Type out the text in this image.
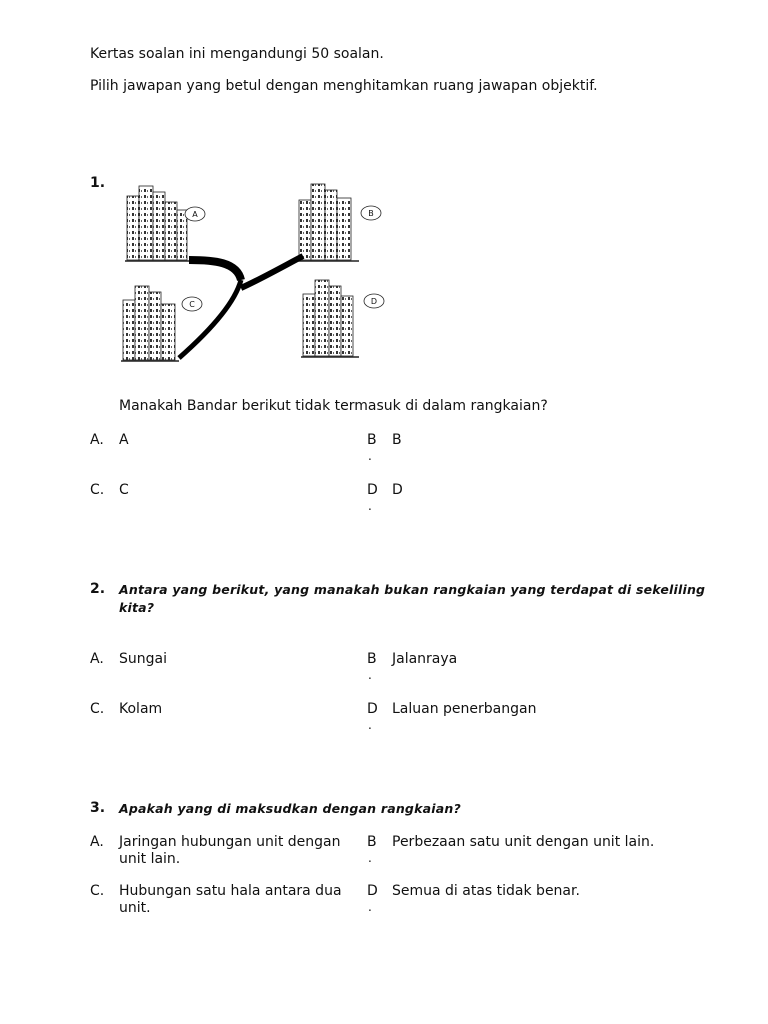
Kertas soalan ini mengandungi 50 soalan.
Pilih jawapan yang betul dengan menghitamkan ruang jawapan objektif.
1.
A	B
C	D
Manakah Bandar berikut tidak termasuk di dalam rangkaian?
A. A	B
.
B
C. C	D
.
D
2. Antara yang berikut, yang manakah bukan rangkaian yang terdapat di sekeliling
kita?
A. Sungai	B
.
Jalanraya
C. Kolam	D
.
Laluan penerbangan
3. Apakah yang di maksudkan dengan rangkaian?
A. Jaringan hubungan unit dengan
unit lain.
B
.
Perbezaan satu unit dengan unit lain.
C. Hubungan satu hala antara dua
unit.
D
.
Semua di atas tidak benar.
